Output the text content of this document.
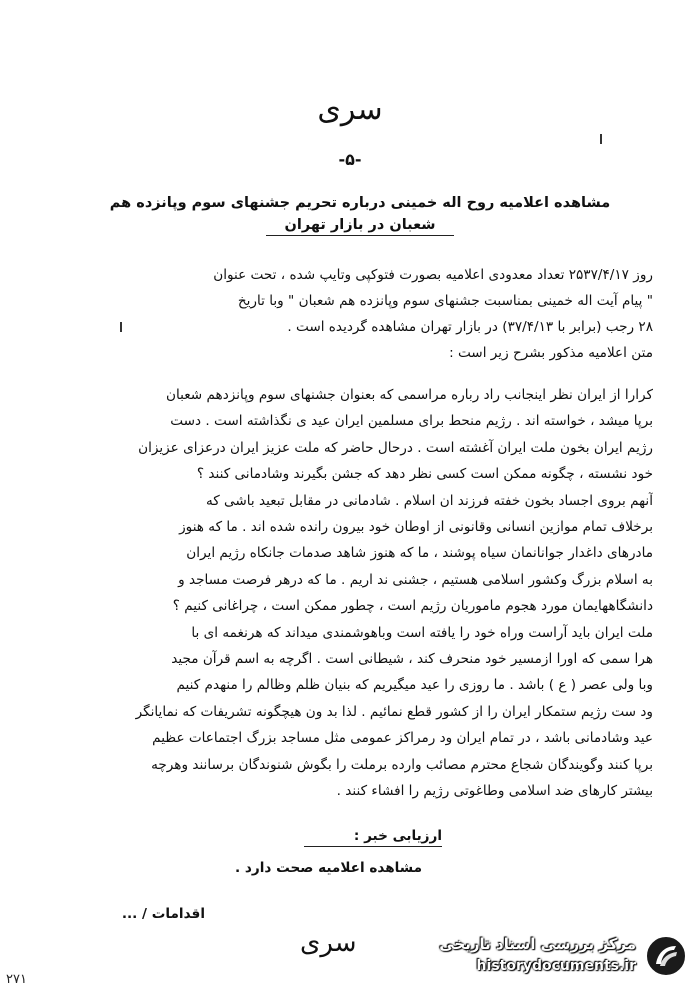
سری
-۵-
مشاهده اعلامیه روح اله خمینی درباره تحریم جشنهای سوم وپانزده هم
شعبان در بازار تهران
روز ۲۵۳۷/۴/۱۷ تعداد معدودی اعلامیه بصورت فتوکپی وتایپ شده ، تحت عنوان
" پیام آیت اله خمینی بمناسبت جشنهای سوم وپانزده هم شعبان " وبا تاریخ
۲۸ رجب (برابر با ۳۷/۴/۱۳) در بازار تهران مشاهده گردیده است .
متن اعلامیه مذکور بشرح زیر است :
کرارا از ایران نظر اینجانب راد رباره مراسمی که بعنوان جشنهای سوم وپانزدهم شعبان
برپا میشد ، خواسته اند . رژیم منحط برای مسلمین ایران عید ی نگذاشته است . دست
رژیم ایران بخون ملت ایران آغشته است . درحال حاضر که ملت عزیز ایران درعزای عزیزان
خود نشسته ، چگونه ممکن است کسی نظر دهد که جشن بگیرند وشادمانی کنند ؟
آنهم بروی اجساد بخون خفته فرزند ان اسلام . شادمانی در مقابل تبعید باشی که
برخلاف تمام موازین انسانی وقانونی از اوطان خود بیرون رانده شده اند . ما که هنوز
مادرهای داغدار جوانانمان سیاه پوشند ، ما که هنوز شاهد صدمات جانکاه رژیم ایران
به اسلام بزرگ وکشور اسلامی هستیم ، جشنی ند اریم . ما که درهر فرصت مساجد و
دانشگاههایمان مورد هجوم ماموریان رژیم است ، چطور ممکن است ، چراغانی کنیم ؟
ملت ایران باید آراست وراه خود را یافته است وباهوشمندی میداند که هرنغمه ای با
هرا سمی که اورا ازمسیر خود منحرف کند ، شیطانی است . اگرچه به اسم قرآن مجید
وبا ولی عصر ( ع ) باشد . ما روزی را عید میگیریم که بنیان ظلم وظالم را منهدم کنیم
ود ست رژیم ستمکار ایران را از کشور قطع نمائیم . لذا بد ون هیچگونه تشریفات که نمایانگر
عید وشادمانی باشد ، در تمام ایران ود رمراکز عمومی مثل مساجد بزرگ اجتماعات عظیم
برپا کنند وگویندگان شجاع محترم مصائب وارده برملت را بگوش شنوندگان برسانند وهرچه
بیشتر کارهای ضد اسلامی وطاغوتی رژیم را افشاء کنند .
ارزیابی خبر :
مشاهده اعلامیه صحت دارد .
اقدامات / ...
سری
۲۷۱
مرکز بررسی اسناد تاریخی
historydocuments.ir
